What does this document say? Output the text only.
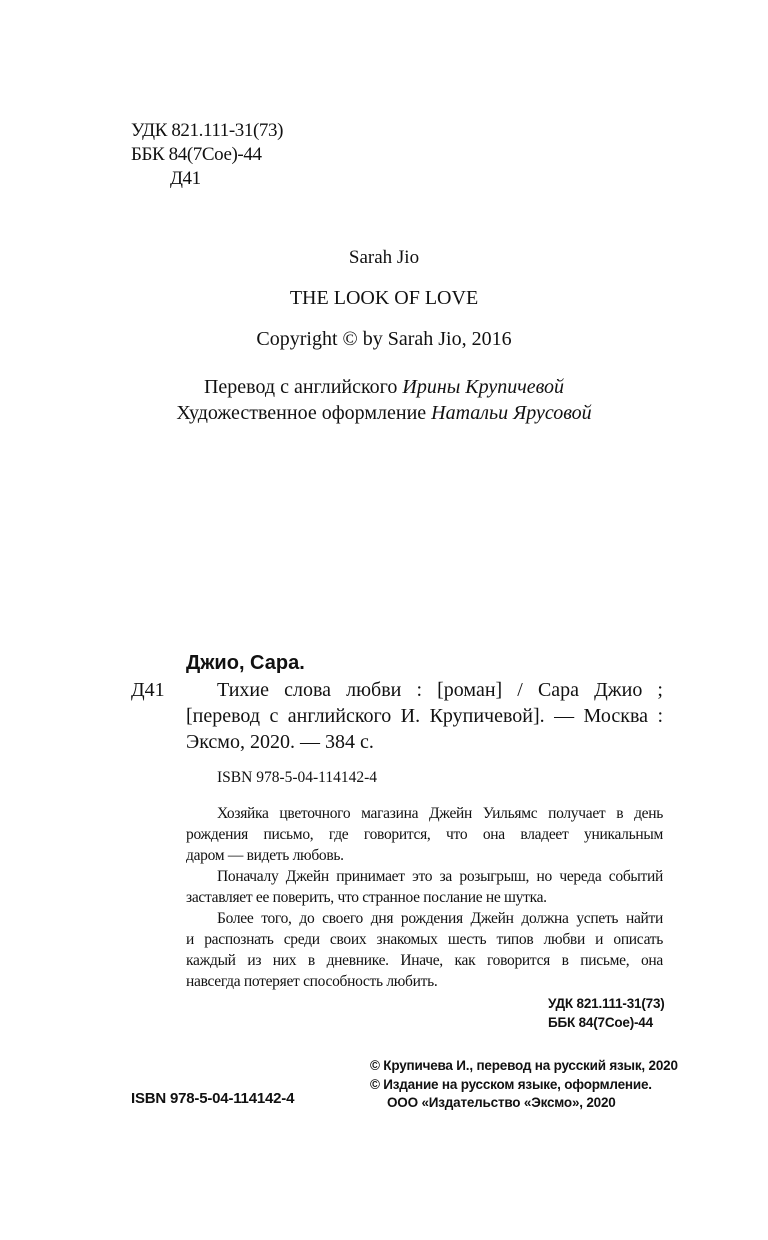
УДК 821.111-31(73)
ББК 84(7Сое)-44
Д41
Sarah Jio
THE LOOK OF LOVE
Copyright © by Sarah Jio, 2016
Перевод с английского Ирины Крупичевой
Художественное оформление Натальи Ярусовой
Джио, Сара.
Д41	Тихие слова любви : [роман] / Сара Джио ;
[перевод с английского И. Крупичевой]. — Москва :
Эксмо, 2020. — 384 с.
ISBN 978-5-04-114142-4
Хозяйка цветочного магазина Джейн Уильямс получает в день
рождения письмо, где говорится, что она владеет уникальным
даром — видеть любовь.
Поначалу Джейн принимает это за розыгрыш, но череда событий
заставляет ее поверить, что странное послание не шутка.
Более того, до своего дня рождения Джейн должна успеть найти
и распознать среди своих знакомых шесть типов любви и описать
каждый из них в дневнике. Иначе, как говорится в письме, она
навсегда потеряет способность любить.
УДК 821.111-31(73)
ББК 84(7Сое)-44
ISBN 978-5-04-114142-4
© Крупичева И., перевод на русский язык, 2020
© Издание на русском языке, оформление.
ООО «Издательство «Эксмо», 2020
